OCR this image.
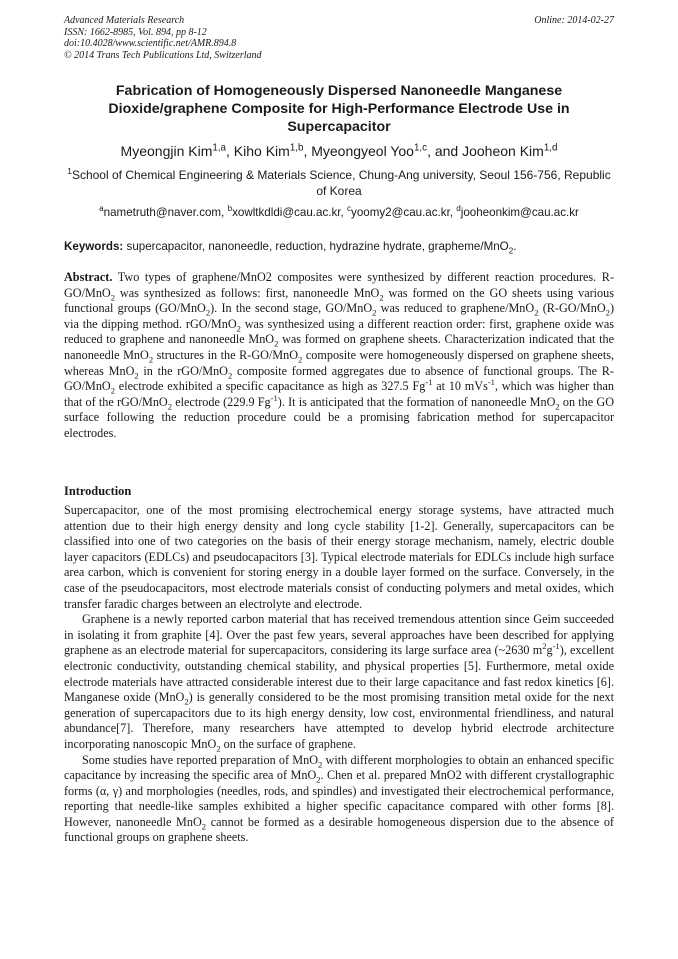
Advanced Materials Research
ISSN: 1662-8985, Vol. 894, pp 8-12
doi:10.4028/www.scientific.net/AMR.894.8
© 2014 Trans Tech Publications Ltd, Switzerland
Online: 2014-02-27
Fabrication of Homogeneously Dispersed Nanoneedle Manganese Dioxide/graphene Composite for High-Performance Electrode Use in Supercapacitor
Myeongjin Kim$^{1,a}$, Kiho Kim$^{1,b}$, Myeongyeol Yoo$^{1,c}$, and Jooheon Kim$^{1,d}$
$^1$School of Chemical Engineering & Materials Science, Chung-Ang university, Seoul 156-756, Republic of Korea
$^a$nametruth@naver.com, $^b$xowltkdldi@cau.ac.kr, $^c$yoomy2@cau.ac.kr, $^d$jooheonkim@cau.ac.kr
Keywords: supercapacitor, nanoneedle, reduction, hydrazine hydrate, grapheme/MnO$_2$.
Abstract. Two types of graphene/MnO2 composites were synthesized by different reaction procedures. R-GO/MnO$_2$ was synthesized as follows: first, nanoneedle MnO$_2$ was formed on the GO sheets using various functional groups (GO/MnO$_2$). In the second stage, GO/MnO$_2$ was reduced to graphene/MnO$_2$ (R-GO/MnO$_2$) via the dipping method. rGO/MnO$_2$ was synthesized using a different reaction order: first, graphene oxide was reduced to graphene and nanoneedle MnO$_2$ was formed on graphene sheets. Characterization indicated that the nanoneedle MnO$_2$ structures in the R-GO/MnO$_2$ composite were homogeneously dispersed on graphene sheets, whereas MnO$_2$ in the rGO/MnO$_2$ composite formed aggregates due to absence of functional groups. The R-GO/MnO$_2$ electrode exhibited a specific capacitance as high as 327.5 $Fg^{-1}$ at 10 mVs$^{-1}$, which was higher than that of the rGO/MnO$_2$ electrode (229.9 $Fg^{-1}$). It is anticipated that the formation of nanoneedle MnO$_2$ on the GO surface following the reduction procedure could be a promising fabrication method for supercapacitor electrodes.
Introduction

Supercapacitor, one of the most promising electrochemical energy storage systems, have attracted much attention due to their high energy density and long cycle stability [1-2]. Generally, supercapacitors can be classified into one of two categories on the basis of their energy storage mechanism, namely, electric double layer capacitors (EDLCs) and pseudocapacitors [3]. Typical electrode materials for EDLCs include high surface area carbon, which is convenient for storing energy in a double layer formed on the surface. Conversely, in the case of the pseudocapacitors, most electrode materials consist of conducting polymers and metal oxides, which transfer faradic charges between an electrolyte and electrode.

Graphene is a newly reported carbon material that has received tremendous attention since Geim succeeded in isolating it from graphite [4]. Over the past few years, several approaches have been described for applying graphene as an electrode material for supercapacitors, considering its large surface area (~2630 $m^2g^{-1}$), excellent electronic conductivity, outstanding chemical stability, and physical properties [5]. Furthermore, metal oxide electrode materials have attracted considerable interest due to their large capacitance and fast redox kinetics [6]. Manganese oxide (MnO$_2$) is generally considered to be the most promising transition metal oxide for the next generation of supercapacitors due to its high energy density, low cost, environmental friendliness, and natural abundance[7]. Therefore, many researchers have attempted to develop hybrid electrode architecture incorporating nanoscopic MnO$_2$ on the surface of graphene.

Some studies have reported preparation of MnO$_2$ with different morphologies to obtain an enhanced specific capacitance by increasing the specific area of MnO$_2$. Chen et al. prepared MnO2 with different crystallographic forms (α, γ) and morphologies (needles, rods, and spindles) and investigated their electrochemical performance, reporting that needle-like samples exhibited a higher specific capacitance compared with other forms [8]. However, nanoneedle MnO$_2$ cannot be formed as a desirable homogeneous dispersion due to the absence of functional groups on graphene sheets.
